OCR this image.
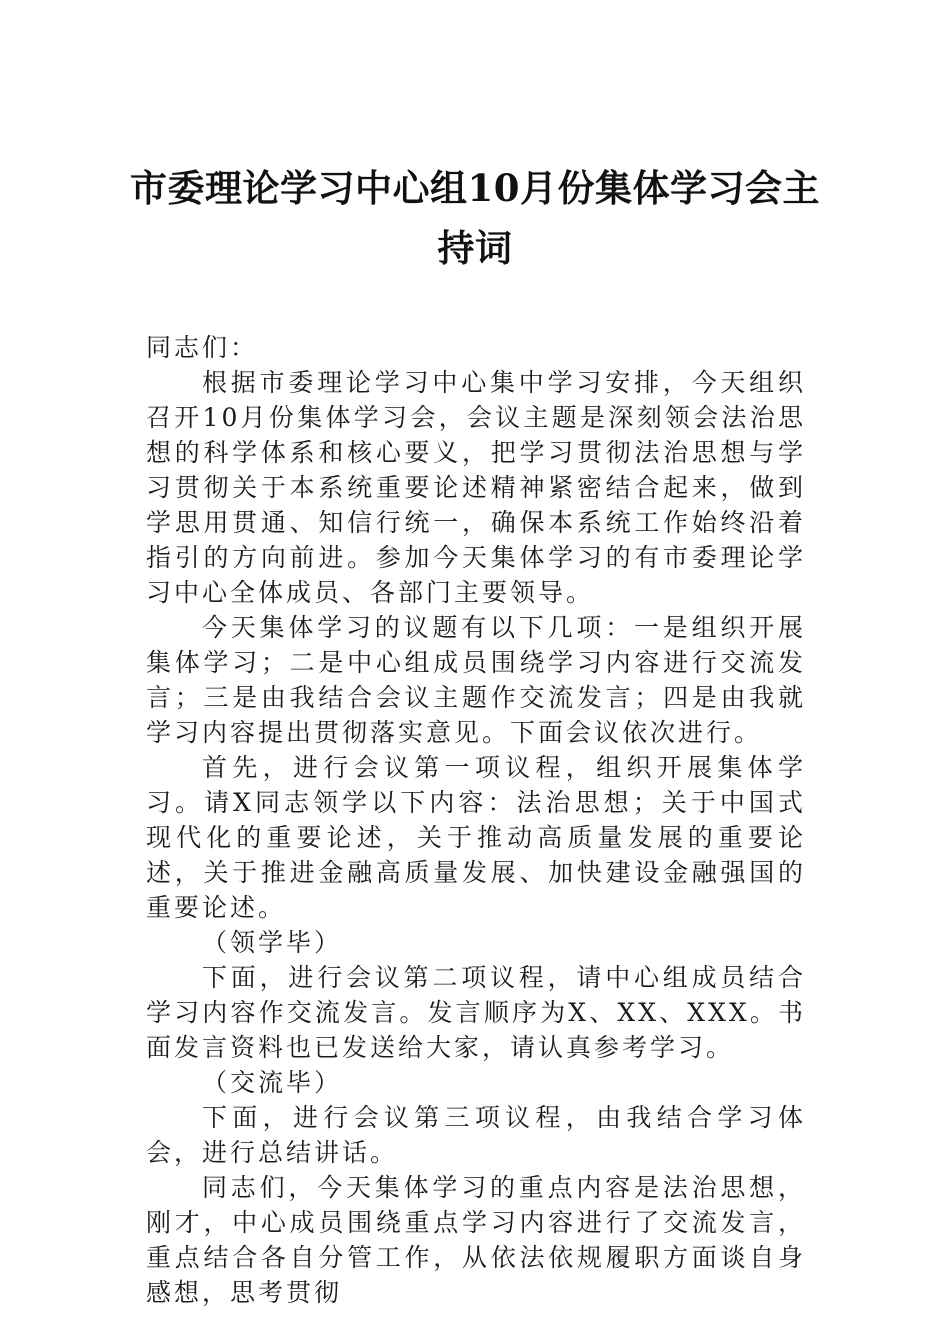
市委理论学习中心组10月份集体学习会主
持词

同志们：

根据市委理论学习中心集中学习安排，今天组织召开10月份集体学习会，会议主题是深刻领会法治思想的科学体系和核心要义，把学习贯彻法治思想与学习贯彻关于本系统重要论述精神紧密结合起来，做到学思用贯通、知信行统一，确保本系统工作始终沿着指引的方向前进。参加今天集体学习的有市委理论学习中心全体成员、各部门主要领导。

今天集体学习的议题有以下几项：一是组织开展集体学习；二是中心组成员围绕学习内容进行交流发言；三是由我结合会议主题作交流发言；四是由我就学习内容提出贯彻落实意见。下面会议依次进行。

首先，进行会议第一项议程，组织开展集体学习。请X同志领学以下内容：法治思想；关于中国式现代化的重要论述，关于推动高质量发展的重要论述，关于推进金融高质量发展、加快建设金融强国的重要论述。

（领学毕）

下面，进行会议第二项议程，请中心组成员结合学习内容作交流发言。发言顺序为X、XX、XXX。书面发言资料也已发送给大家，请认真参考学习。

（交流毕）

下面，进行会议第三项议程，由我结合学习体会，进行总结讲话。

同志们，今天集体学习的重点内容是法治思想，刚才，中心成员围绕重点学习内容进行了交流发言，重点结合各自分管工作，从依法依规履职方面谈自身感想，思考贯彻
